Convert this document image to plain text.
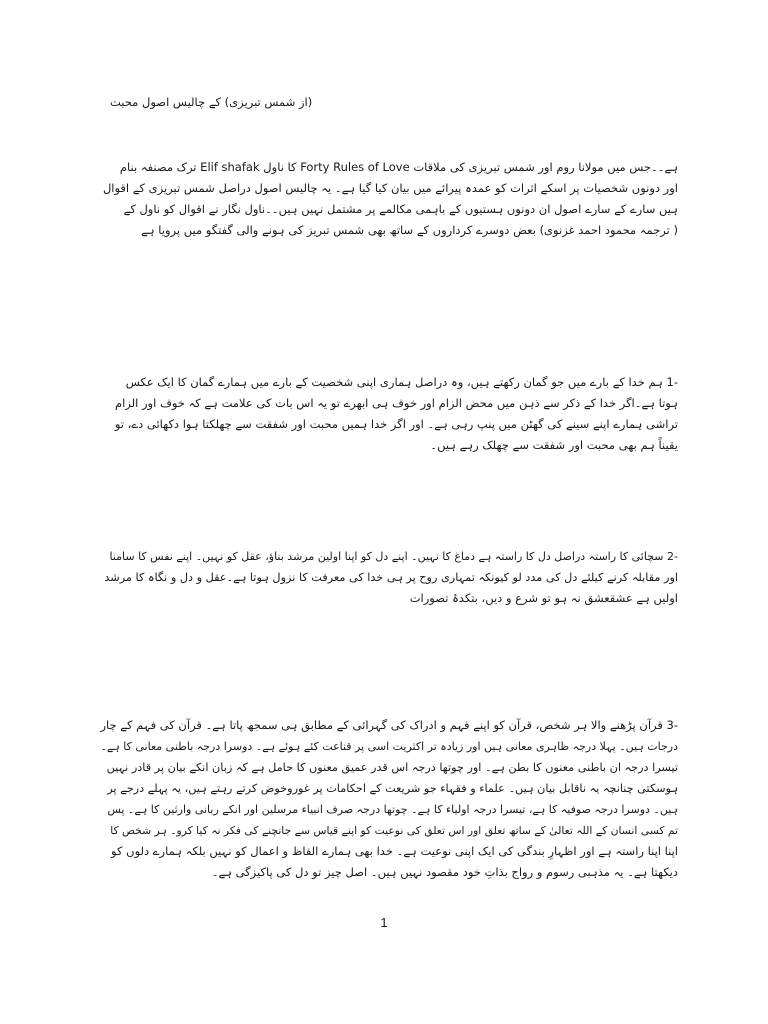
(از شمس تبریزی) کے چالیس اصول محبت
ہے۔۔جس میں مولانا روم اور شمس تبریزی کی ملاقات Forty Rules of Love کا ناول Elif shafak ترک مصنفہ بنام
اور دونوں شخصیات پر اسکے اثرات کو عمدہ پیرائے میں بیان کیا گیا ہے۔ یہ چالیس اصول دراصل شمس تبریزی کے اقوال
ہیں سارے کے سارے اصول ان دونوں ہستیوں کے باہمی مکالمے پر مشتمل نہیں ہیں۔۔ناول نگار نے اقوال کو ناول کے
( ترجمہ محمود احمد غزنوی) بعض دوسرے کرداروں کے ساتھ بھی شمس تبریز کی ہونے والی گفتگو میں پرویا ہے
-1 ہم خدا کے بارے میں جو گمان رکھتے ہیں، وہ دراصل ہماری اپنی شخصیت کے بارے میں ہمارے گمان کا ایک عکس
ہوتا ہے۔اگر خدا کے ذکر سے ذہن میں محض الزام اور خوف ہی ابھرے تو یہ اس بات کی علامت ہے کہ خوف اور الزام
تراشی ہمارے اپنے سینے کی گھٹن میں پنپ رہی ہے۔ اور اگر خدا ہمیں محبت اور شفقت سے چھلکتا ہوا دکھائی دے، تو
یقیناً ہم بھی محبت اور شفقت سے چھلک رہے ہیں۔
-2 سچائی کا راستہ دراصل دل کا راستہ ہے دماغ کا نہیں۔ اپنے دل کو اپنا اولین مرشد بناؤ، عقل کو نہیں۔ اپنے نفس کا سامنا
اور مقابلہ کرنے کیلئے دل کی مدد لو کیونکہ تمہاری روح پر ہی خدا کی معرفت کا نزول ہوتا ہے۔عقل و دل و نگاہ کا مرشد
اولیں ہے عشقعشق نہ ہو تو شرع و دیں، بتکدۂ تصورات
-3 قرآن پڑھنے والا ہر شخص، قرآن کو اپنے فہم و ادراک کی گہرائی کے مطابق ہی سمجھ پاتا ہے۔ قرآن کی فہم کے چار
درجات ہیں۔ پہلا درجہ ظاہری معانی ہیں اور زیادہ تر اکثریت اسی پر قناعت کئے ہوئے ہے۔ دوسرا درجہ باطنی معانی کا ہے۔
تیسرا درجہ ان باطنی معنوں کا بطن ہے۔ اور چوتھا درجہ اس قدر عمیق معنوں کا حامل ہے کہ زبان انکے بیان پر قادر نہیں
ہوسکتی چنانچہ یہ ناقابل بیان ہیں۔ علماء و فقہاء جو شریعت کے احکامات پر غوروخوض کرتے رہتے ہیں، یہ پہلے درجے پر
ہیں۔ دوسرا درجہ صوفیہ کا ہے، تیسرا درجہ اولیاء کا ہے۔ چوتھا درجہ صرف انبیاء مرسلین اور انکے ربانی وارثین کا ہے۔ پس
تم کسی انسان کے اللہ تعالیٰ کے ساتھ تعلق اور اس تعلق کی نوعیت کو اپنے قیاس سے جانچنے کی فکر نہ کیا کرو۔ ہر شخص کا
اپنا اپنا راستہ ہے اور اظہارِ بندگی کی ایک اپنی نوعیت ہے۔ خدا بھی ہمارے الفاظ و اعمال کو نہیں بلکہ ہمارے دلوں کو
دیکھتا ہے۔ یہ مذہبی رسوم و رواج بذاتِ خود مقصود نہیں ہیں۔ اصل چیز تو دل کی پاکیزگی ہے۔
1
